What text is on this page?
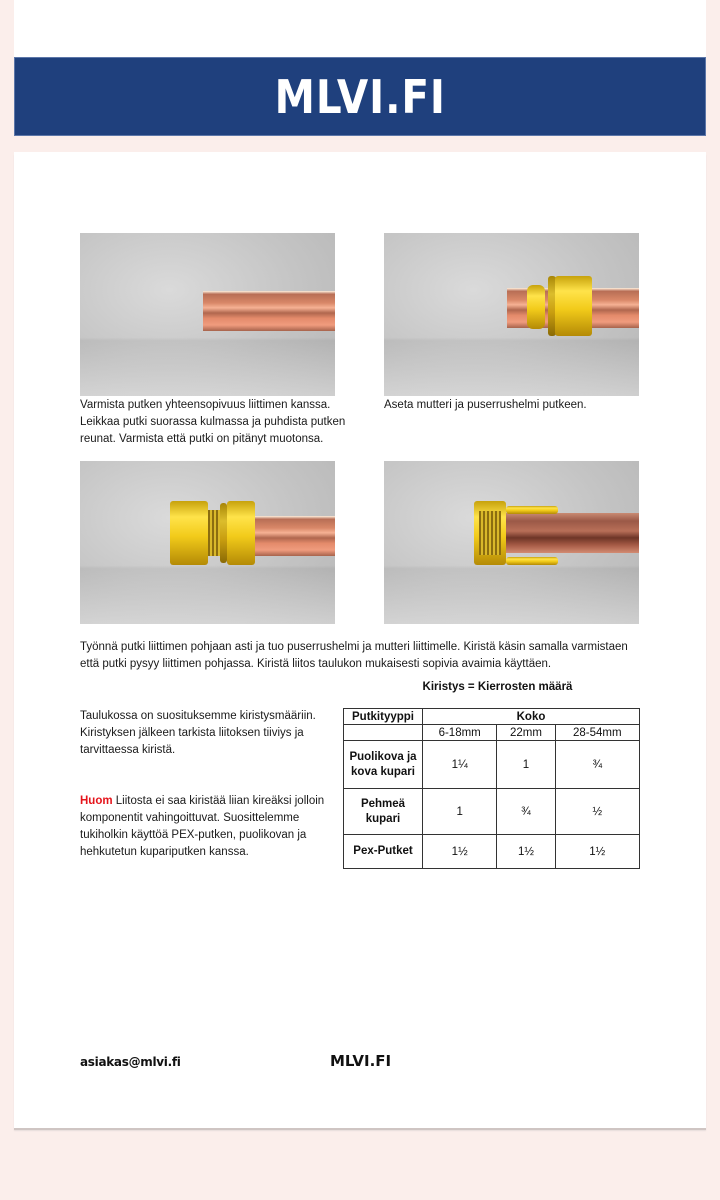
MLVI.FI
Varmista putken yhteensopivuus liittimen kanssa. Leikkaa putki suorassa kulmassa ja puhdista putken reunat. Varmista että putki on pitänyt muotonsa.
Aseta mutteri ja puserrushelmi putkeen.
Työnnä putki liittimen pohjaan asti ja tuo puserrushelmi ja mutteri liittimelle. Kiristä käsin samalla varmistaen että putki pysyy liittimen pohjassa. Kiristä liitos taulukon mukaisesti sopivia avaimia käyttäen.
Taulukossa on suosituksemme kiristysmääriin. Kiristyksen jälkeen tarkista liitoksen tiiviys ja tarvittaessa kiristä.
Huom Liitosta ei saa kiristää liian kireäksi jolloin komponentit vahingoittuvat. Suosittelemme tukiholkin käyttöä PEX-putken, puolikovan ja hehkutetun kupariputken kanssa.
Kiristys = Kierrosten määrä
Putkityyppi	Koko		
	6-18mm	22mm	28-54mm
Puolikova ja kova kupari	1¼	1	¾
Pehmeä kupari	1	¾	½
Pex-Putket	1½	1½	1½
asiakas@mlvi.fi	MLVI.FI
